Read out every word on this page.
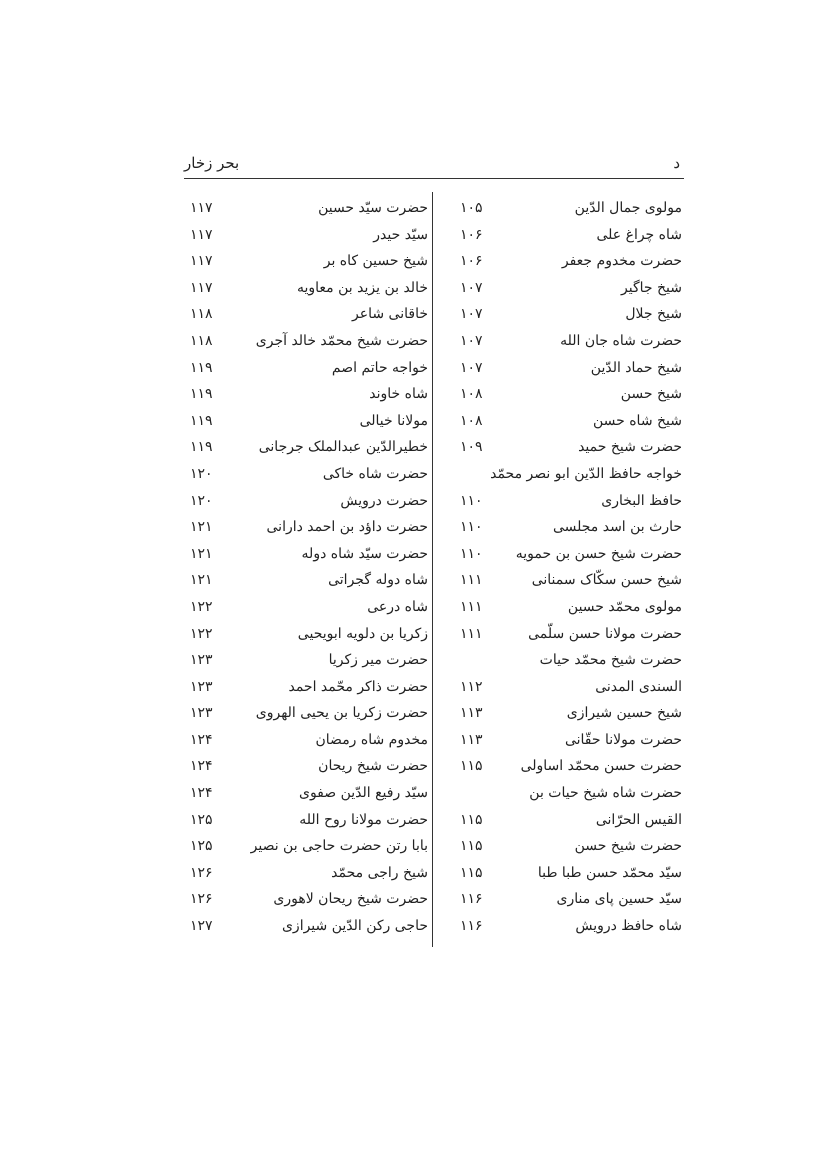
بحر زخار	د
مولوی جمال الدّین
۱۰۵
شاه چراغ علی
۱۰۶
حضرت مخدوم جعفر
۱۰۶
شیخ جاگیر
۱۰۷
شیخ جلال
۱۰۷
حضرت شاه جان الله
۱۰۷
شیخ حماد الدّین
۱۰۷
شیخ حسن
۱۰۸
شیخ شاه حسن
۱۰۸
حضرت شیخ حمید
۱۰۹
خواجه حافظ الدّین ابو نصر محمّد
حافظ البخاری
۱۱۰
حارث بن اسد مجلسی
۱۱۰
حضرت شیخ حسن بن حمویه
۱۱۰
شیخ حسن سکّاک سمنانی
۱۱۱
مولوی محمّد حسین
۱۱۱
حضرت مولانا حسن سلّمی
۱۱۱
حضرت شیخ محمّد حیات
السندی المدنی
۱۱۲
شیخ حسین شیرازی
۱۱۳
حضرت مولانا حقّانی
۱۱۳
حضرت حسن محمّد اساولی
۱۱۵
حضرت شاه شیخ حیات بن
القیس الحرّانی
۱۱۵
حضرت شیخ حسن
۱۱۵
سیّد محمّد حسن طبا طبا
۱۱۵
سیّد حسین پای مناری
۱۱۶
شاه حافظ درویش
۱۱۶
حضرت سیّد حسین
۱۱۷
سیّد حیدر
۱۱۷
شیخ حسین کاه بر
۱۱۷
خالد بن یزید بن معاویه
۱۱۷
خاقانی شاعر
۱۱۸
حضرت شیخ محمّد خالد آجری
۱۱۸
خواجه حاتم اصم
۱۱۹
شاه خاوند
۱۱۹
مولانا خیالی
۱۱۹
خطیرالدّین عبدالملک جرجانی
۱۱۹
حضرت شاه خاکی
۱۲۰
حضرت درویش
۱۲۰
حضرت داؤد بن احمد دارانی
۱۲۱
حضرت سیّد شاه دوله
۱۲۱
شاه دوله گجراتی
۱۲۱
شاه درعی
۱۲۲
زکریا بن دلویه ابویحیی
۱۲۲
حضرت میر زکریا
۱۲۳
حضرت ذاکر محّمد احمد
۱۲۳
حضرت زکریا بن یحیی الهروی
۱۲۳
مخدوم شاه رمضان
۱۲۴
حضرت شیخ ریحان
۱۲۴
سیّد رفیع الدّین صفوی
۱۲۴
حضرت مولانا روح الله
۱۲۵
بابا رتن حضرت حاجی بن نصیر
۱۲۵
شیخ راجی محمّد
۱۲۶
حضرت شیخ ریحان لاهوری
۱۲۶
حاجی رکن الدّین شیرازی
۱۲۷
